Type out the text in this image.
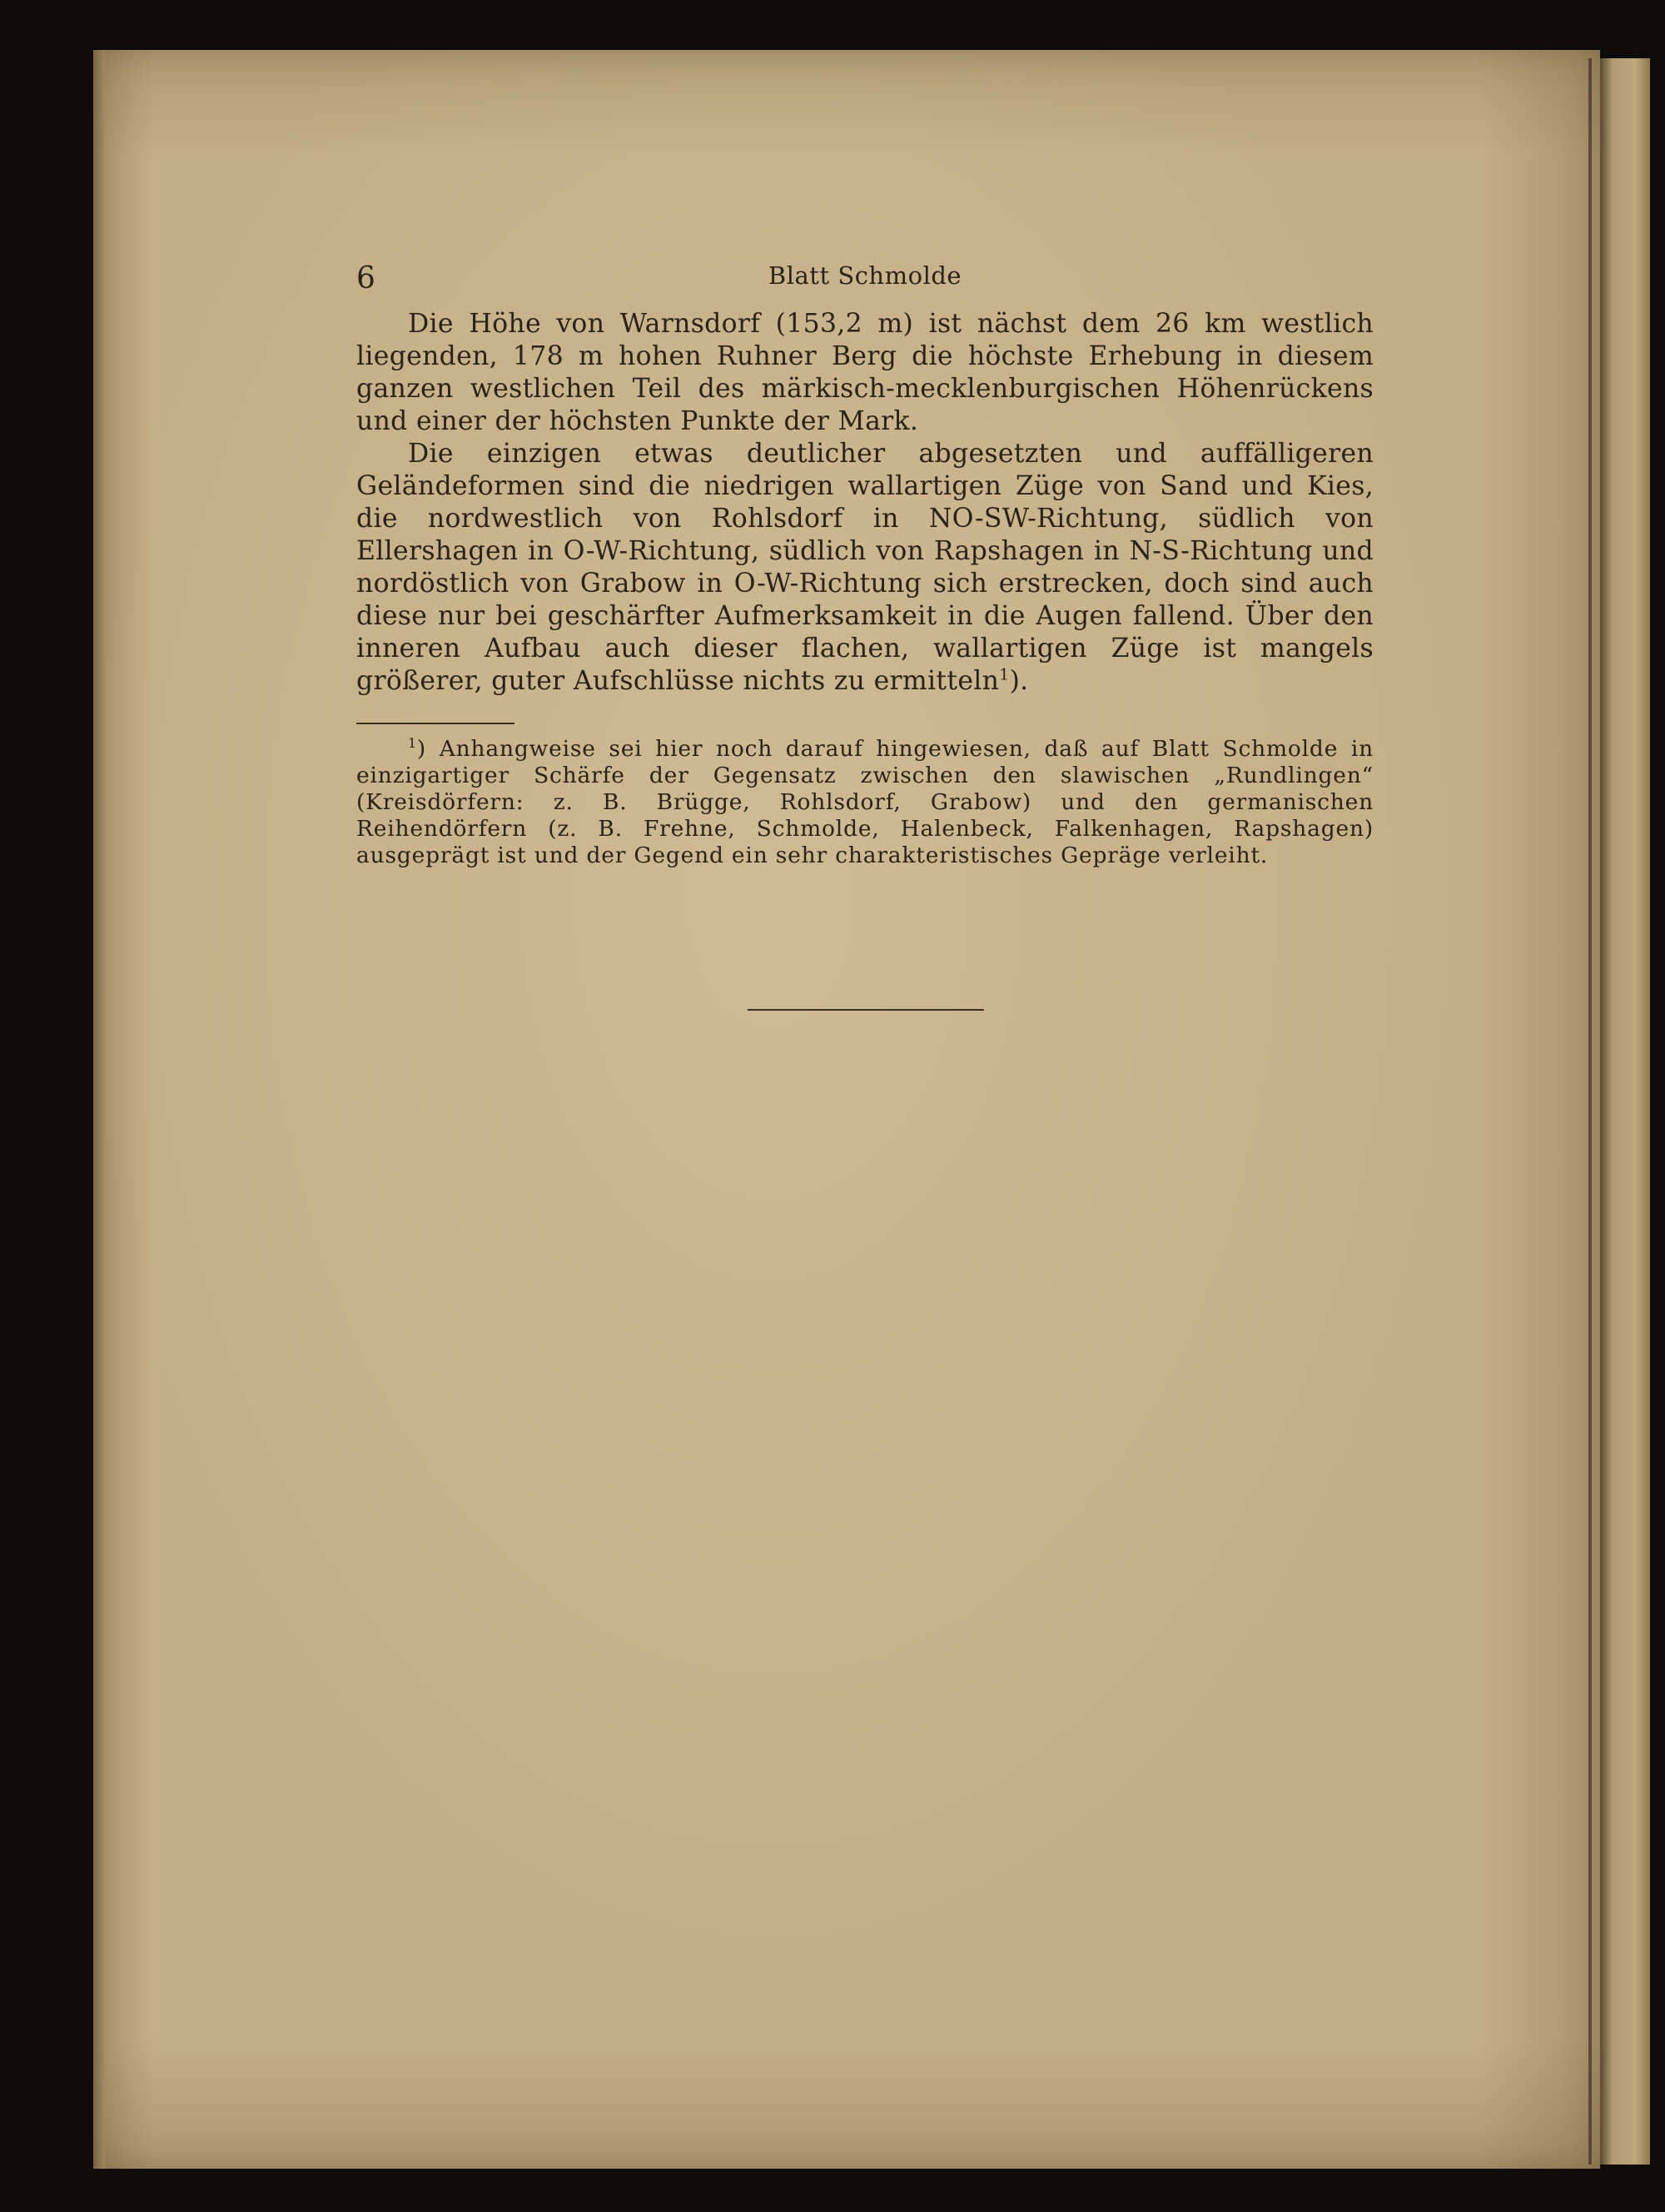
6	Blatt Schmolde

Die Höhe von Warnsdorf (153,2 m) ist nächst dem 26 km westlich liegenden, 178 m hohen Ruhner Berg die höchste Erhebung in diesem ganzen westlichen Teil des märkisch-mecklenburgischen Höhenrückens und einer der höchsten Punkte der Mark.

Die einzigen etwas deutlicher abgesetzten und auffälligeren Geländeformen sind die niedrigen wallartigen Züge von Sand und Kies, die nordwestlich von Rohlsdorf in NO-SW-Richtung, südlich von Ellershagen in O-W-Richtung, südlich von Rapshagen in N-S-Richtung und nordöstlich von Grabow in O-W-Richtung sich erstrecken, doch sind auch diese nur bei geschärfter Aufmerksamkeit in die Augen fallend. Über den inneren Aufbau auch dieser flachen, wallartigen Züge ist mangels größerer, guter Aufschlüsse nichts zu ermitteln$^1$).

$^1$) Anhangweise sei hier noch darauf hingewiesen, daß auf Blatt Schmolde in einzigartiger Schärfe der Gegensatz zwischen den slawischen „Rundlingen“ (Kreisdörfern: z. B. Brügge, Rohlsdorf, Grabow) und den germanischen Reihendörfern (z. B. Frehne, Schmolde, Halenbeck, Falkenhagen, Rapshagen) ausgeprägt ist und der Gegend ein sehr charakteristisches Gepräge verleiht.
